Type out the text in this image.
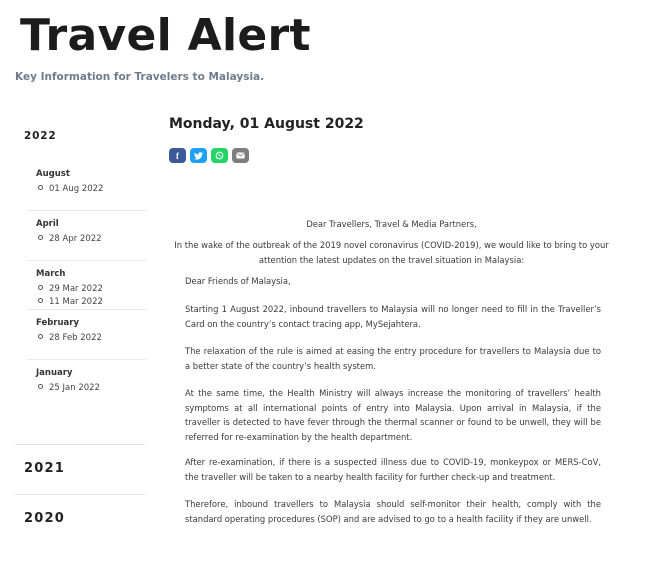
Travel Alert
Key Information for Travelers to Malaysia.
2022
August
01 Aug 2022
April
28 Apr 2022
March
29 Mar 2022
11 Mar 2022
February
28 Feb 2022
January
25 Jan 2022
2021
2020
Monday, 01 August 2022
f
Dear Travellers, Travel & Media Partners,
In the wake of the outbreak of the 2019 novel coronavirus (COVID-2019), we would like to bring to your attention the latest updates on the travel situation in Malaysia:
Dear Friends of Malaysia,
Starting 1 August 2022, inbound travellers to Malaysia will no longer need to fill in the Traveller’s Card on the country’s contact tracing app, MySejahtera.
The relaxation of the rule is aimed at easing the entry procedure for travellers to Malaysia due to a better state of the country’s health system.
At the same time, the Health Ministry will always increase the monitoring of travellers’ health symptoms at all international points of entry into Malaysia. Upon arrival in Malaysia, if the traveller is detected to have fever through the thermal scanner or found to be unwell, they will be referred for re-examination by the health department.
After re-examination, if there is a suspected illness due to COVID-19, monkeypox or MERS-CoV, the traveller will be taken to a nearby health facility for further check-up and treatment.
Therefore, inbound travellers to Malaysia should self-monitor their health, comply with the standard operating procedures (SOP) and are advised to go to a health facility if they are unwell.
